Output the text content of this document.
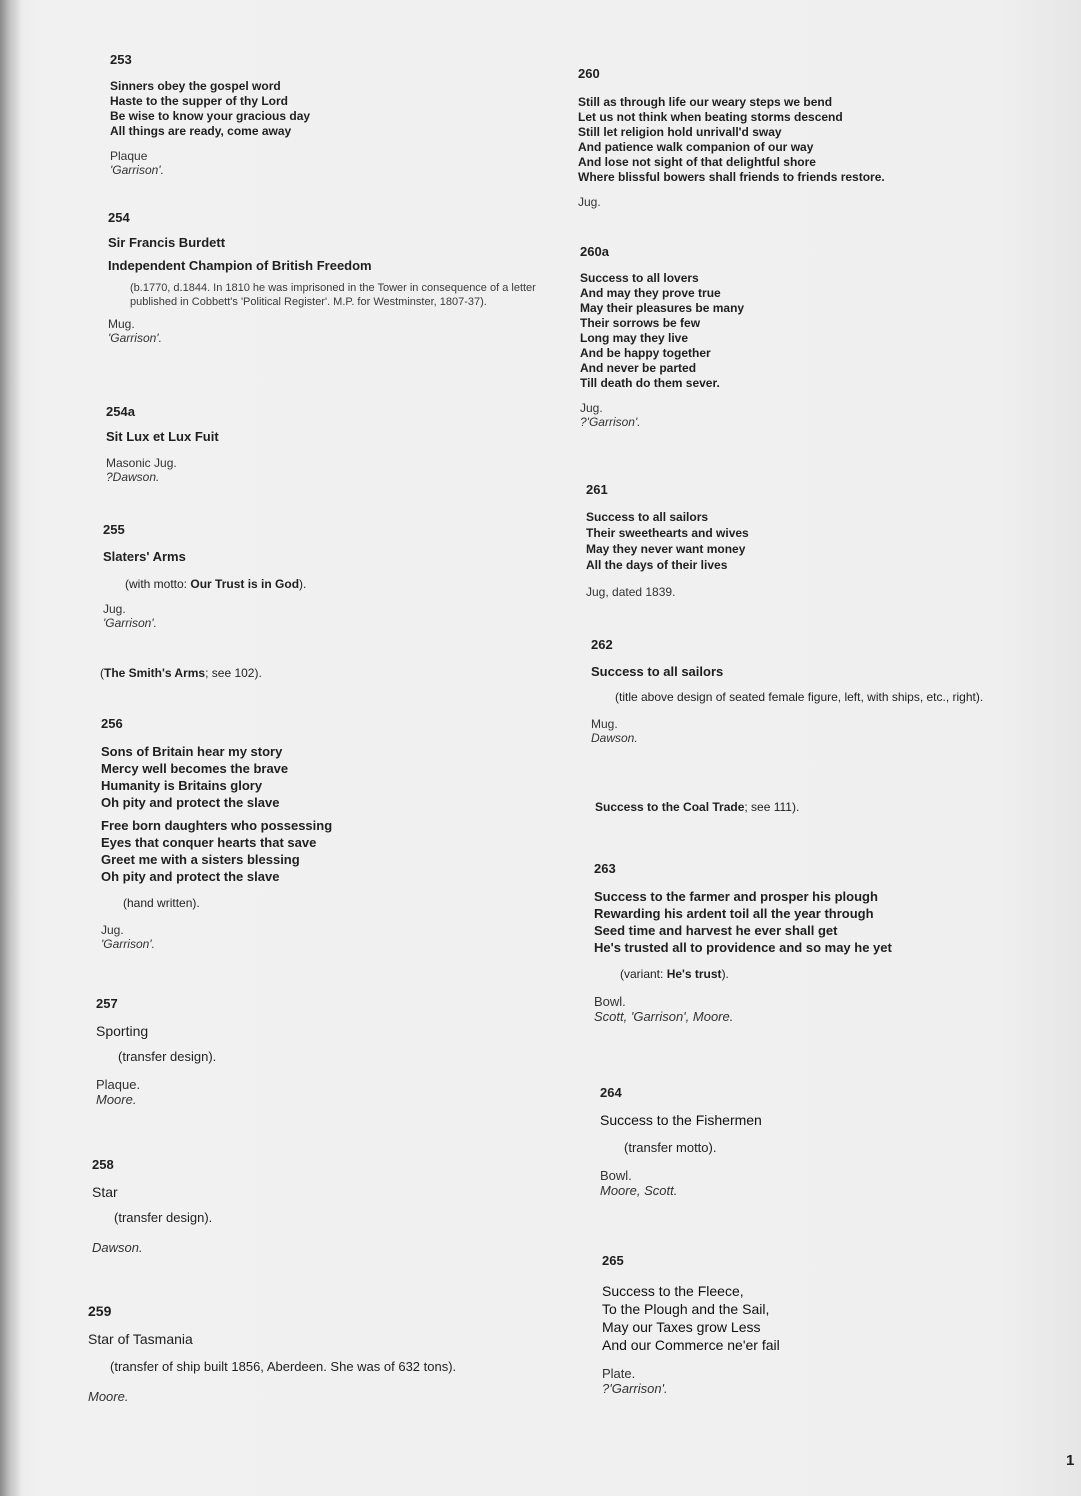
253
Sinners obey the gospel word
Haste to the supper of thy Lord
Be wise to know your gracious day
All things are ready, come away
Plaque
'Garrison'.
254
Sir Francis Burdett
Independent Champion of British Freedom
(b.1770, d.1844. In 1810 he was imprisoned in the Tower in consequence of a letter published in Cobbett's 'Political Register'. M.P. for Westminster, 1807-37).
Mug.
'Garrison'.
254a
Sit Lux et Lux Fuit
Masonic Jug.
?Dawson.
255
Slaters' Arms
(with motto: Our Trust is in God).
Jug.
'Garrison'.
(The Smith's Arms; see 102).
256
Sons of Britain hear my story
Mercy well becomes the brave
Humanity is Britains glory
Oh pity and protect the slave
Free born daughters who possessing
Eyes that conquer hearts that save
Greet me with a sisters blessing
Oh pity and protect the slave
(hand written).
Jug.
'Garrison'.
257
Sporting
(transfer design).
Plaque.
Moore.
258
Star
(transfer design).
Dawson.
259
Star of Tasmania
(transfer of ship built 1856, Aberdeen. She was of 632 tons).
Moore.
260
Still as through life our weary steps we bend
Let us not think when beating storms descend
Still let religion hold unrivall'd sway
And patience walk companion of our way
And lose not sight of that delightful shore
Where blissful bowers shall friends to friends restore.
Jug.
260a
Success to all lovers
And may they prove true
May their pleasures be many
Their sorrows be few
Long may they live
And be happy together
And never be parted
Till death do them sever.
Jug.
?'Garrison'.
261
Success to all sailors
Their sweethearts and wives
May they never want money
All the days of their lives
Jug, dated 1839.
262
Success to all sailors
(title above design of seated female figure, left, with ships, etc., right).
Mug.
Dawson.
Success to the Coal Trade; see 111).
263
Success to the farmer and prosper his plough
Rewarding his ardent toil all the year through
Seed time and harvest he ever shall get
He's trusted all to providence and so may he yet
(variant: He's trust).
Bowl.
Scott, 'Garrison', Moore.
264
Success to the Fishermen
(transfer motto).
Bowl.
Moore, Scott.
265
Success to the Fleece,
To the Plough and the Sail,
May our Taxes grow Less
And our Commerce ne'er fail
Plate.
?'Garrison'.
1
